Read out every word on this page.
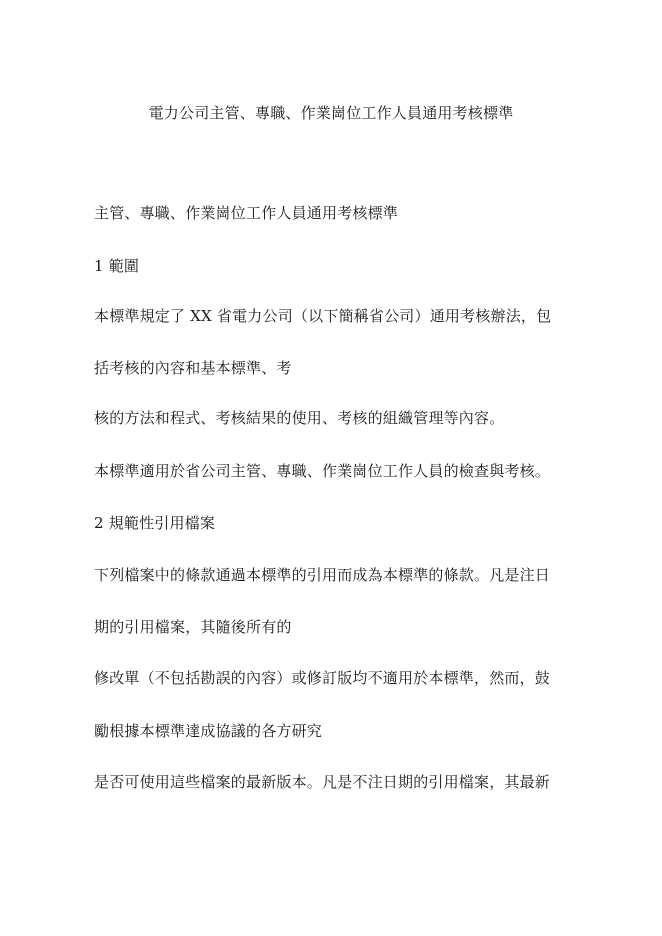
電力公司主管、專職、作業崗位工作人員通用考核標準
主管、專職、作業崗位工作人員通用考核標準
1 範圍
本標準規定了 XX 省電力公司（以下簡稱省公司）通用考核辦法，包
括考核的內容和基本標準、考
核的方法和程式、考核結果的使用、考核的組織管理等內容。
本標準適用於省公司主管、專職、作業崗位工作人員的檢查與考核。
2 規範性引用檔案
下列檔案中的條款通過本標準的引用而成為本標準的條款。凡是注日
期的引用檔案，其隨後所有的
修改單（不包括勘誤的內容）或修訂版均不適用於本標準，然而，鼓
勵根據本標準達成協議的各方研究
是否可使用這些檔案的最新版本。凡是不注日期的引用檔案，其最新
